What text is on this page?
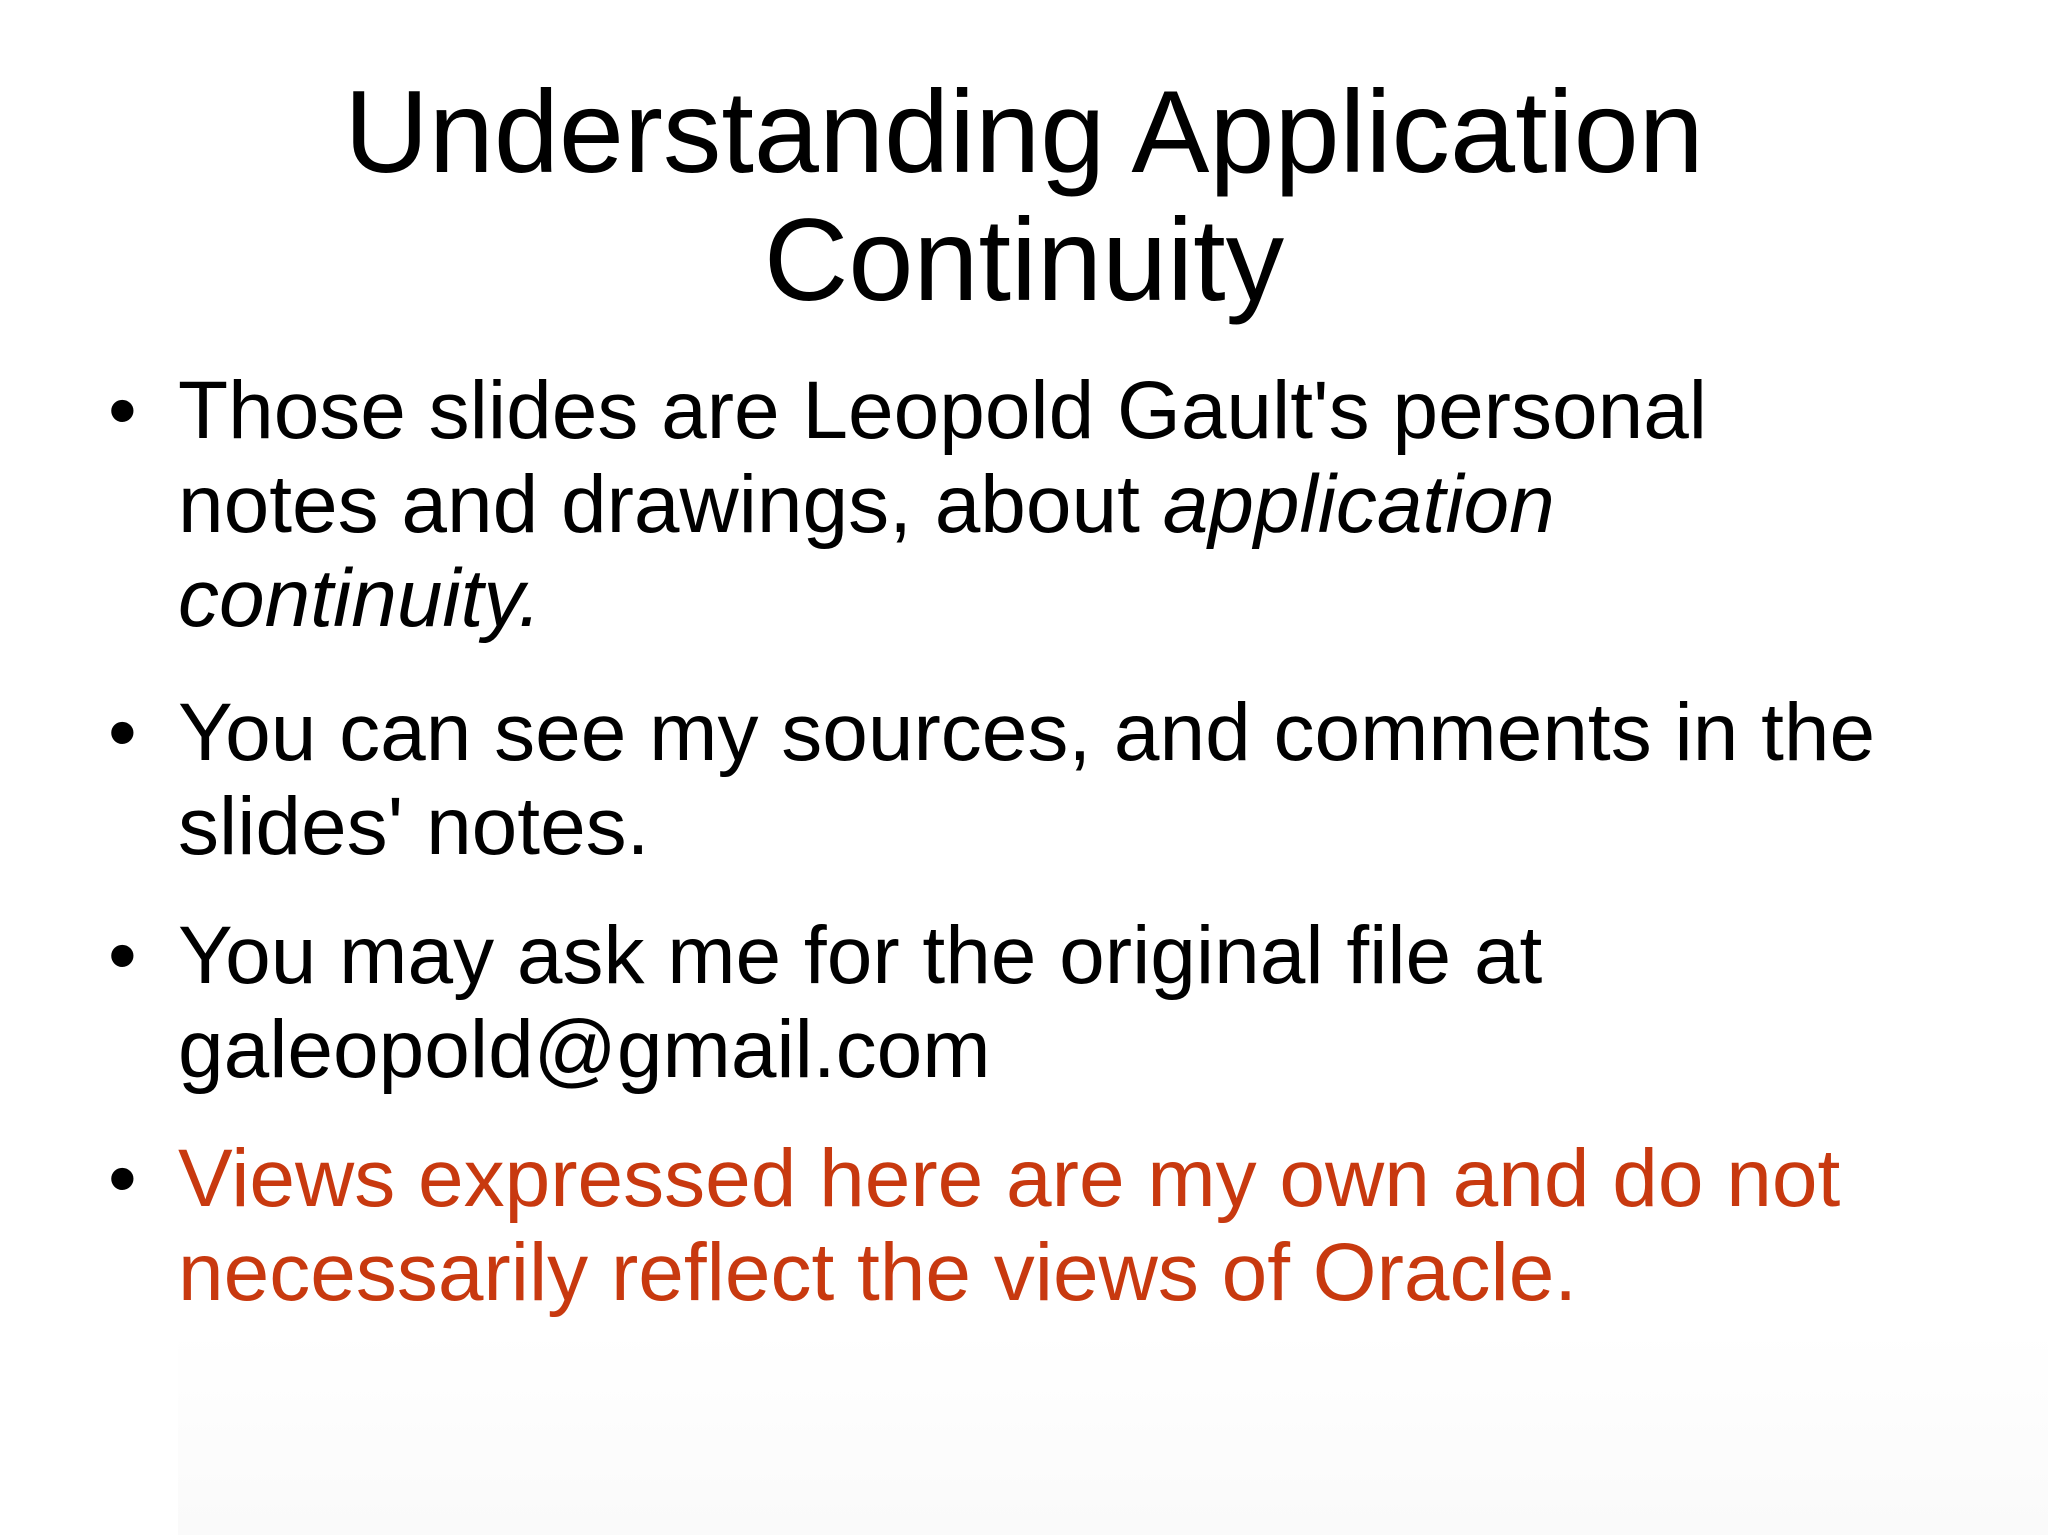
Understanding Application
Continuity
• Those slides are Leopold Gault's personal
notes and drawings, about application
continuity.
• You can see my sources, and comments in the
slides' notes.
• You may ask me for the original file at
galeopold@gmail.com
• Views expressed here are my own and do not
necessarily reflect the views of Oracle.
